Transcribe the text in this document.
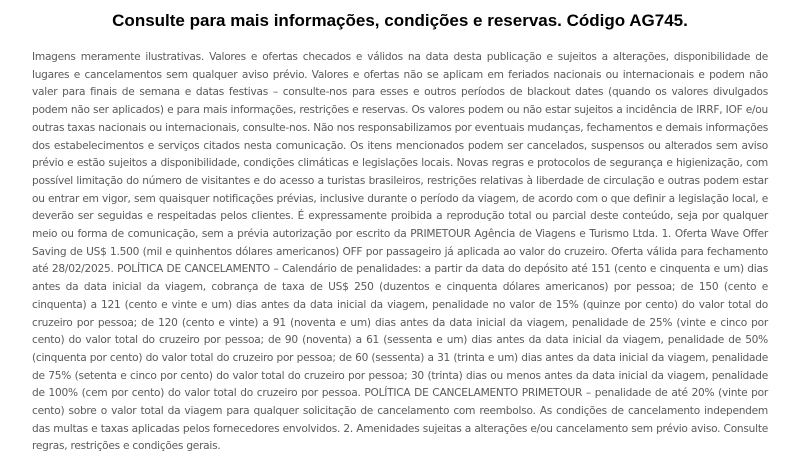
Consulte para mais informações, condições e reservas. Código AG745.

Imagens meramente ilustrativas. Valores e ofertas checados e válidos na data desta publicação e sujeitos a alterações, disponibilidade de lugares e cancelamentos sem qualquer aviso prévio. Valores e ofertas não se aplicam em feriados nacionais ou internacionais e podem não valer para finais de semana e datas festivas – consulte-nos para esses e outros períodos de blackout dates (quando os valores divulgados podem não ser aplicados) e para mais informações, restrições e reservas. Os valores podem ou não estar sujeitos a incidência de IRRF, IOF e/ou outras taxas nacionais ou internacionais, consulte-nos. Não nos responsabilizamos por eventuais mudanças, fechamentos e demais informações dos estabelecimentos e serviços citados nesta comunicação. Os itens mencionados podem ser cancelados, suspensos ou alterados sem aviso prévio e estão sujeitos a disponibilidade, condições climáticas e legislações locais. Novas regras e protocolos de segurança e higienização, com possível limitação do número de visitantes e do acesso a turistas brasileiros, restrições relativas à liberdade de circulação e outras podem estar ou entrar em vigor, sem quaisquer notificações prévias, inclusive durante o período da viagem, de acordo com o que definir a legislação local, e deverão ser seguidas e respeitadas pelos clientes. É expressamente proibida a reprodução total ou parcial deste conteúdo, seja por qualquer meio ou forma de comunicação, sem a prévia autorização por escrito da PRIMETOUR Agência de Viagens e Turismo Ltda. 1. Oferta Wave Offer Saving de US$ 1.500 (mil e quinhentos dólares americanos) OFF por passageiro já aplicada ao valor do cruzeiro. Oferta válida para fechamento até 28/02/2025. POLÍTICA DE CANCELAMENTO – Calendário de penalidades: a partir da data do depósito até 151 (cento e cinquenta e um) dias antes da data inicial da viagem, cobrança de taxa de US$ 250 (duzentos e cinquenta dólares americanos) por pessoa; de 150 (cento e cinquenta) a 121 (cento e vinte e um) dias antes da data inicial da viagem, penalidade no valor de 15% (quinze por cento) do valor total do cruzeiro por pessoa; de 120 (cento e vinte) a 91 (noventa e um) dias antes da data inicial da viagem, penalidade de 25% (vinte e cinco por cento) do valor total do cruzeiro por pessoa; de 90 (noventa) a 61 (sessenta e um) dias antes da data inicial da viagem, penalidade de 50% (cinquenta por cento) do valor total do cruzeiro por pessoa; de 60 (sessenta) a 31 (trinta e um) dias antes da data inicial da viagem, penalidade de 75% (setenta e cinco por cento) do valor total do cruzeiro por pessoa; 30 (trinta) dias ou menos antes da data inicial da viagem, penalidade de 100% (cem por cento) do valor total do cruzeiro por pessoa. POLÍTICA DE CANCELAMENTO PRIMETOUR – penalidade de até 20% (vinte por cento) sobre o valor total da viagem para qualquer solicitação de cancelamento com reembolso. As condições de cancelamento independem das multas e taxas aplicadas pelos fornecedores envolvidos. 2. Amenidades sujeitas a alterações e/ou cancelamento sem prévio aviso. Consulte regras, restrições e condições gerais.
